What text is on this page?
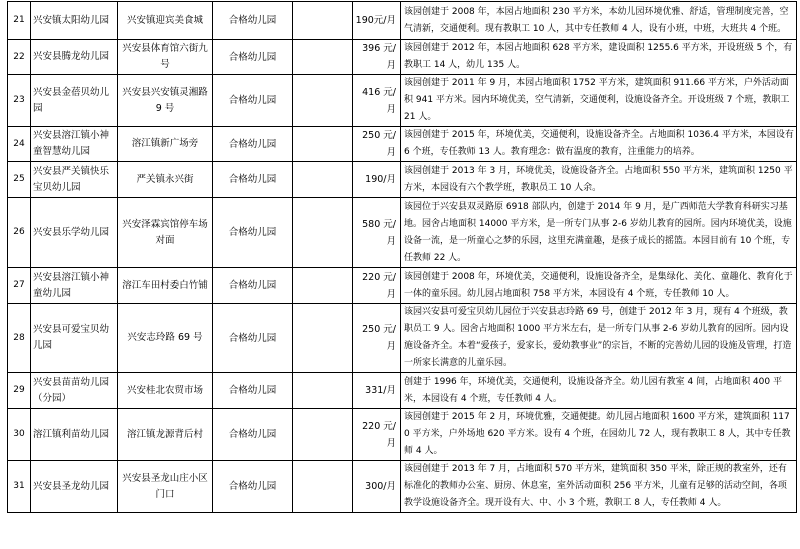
21	兴安镇太阳幼儿园	兴安镇迎宾美食城	合格幼儿园		190元/月	该园创建于 2008 年，本园占地面积 230 平方米，本幼儿园环境优雅、舒适，管理制度完善，空气清新，交通便利。现有教职工 10 人，其中专任教师 4 人，设有小班，中班，大班共 4 个班。
22	兴安县腾龙幼儿园	兴安县体育馆六街九号	合格幼儿园		396 元/月	该园创建于 2012 年，本园占地面积 628 平方米，建设面积 1255.6 平方米，开设班级 5 个，有教职工 14 人，幼儿 135 人。
23	兴安县金蓓贝幼儿园	兴安县兴安镇灵湘路 9 号	合格幼儿园		416 元/月	该园创建于 2011 年 9 月，本园占地面积 1752 平方米，建筑面积 911.66 平方米，户外活动面积 941 平方米。园内环境优美，空气清新，交通便利，设施设备齐全。开设班级 7 个班，教职工 21 人。
24	兴安县溶江镇小神童智慧幼儿园	溶江镇新广场旁	合格幼儿园		250 元/月	该园创建于 2015 年，环境优美，交通便利，设施设备齐全。占地面积 1036.4 平方米，本园设有 6 个班，专任教师 13 人。教育理念：做有温度的教育，注重能力的培养。
25	兴安县严关镇快乐宝贝幼儿园	严关镇永兴街	合格幼儿园		190/月	该园创建于 2013 年 3 月，环境优美，设施设备齐全。占地面积 550 平方米，建筑面积 1250 平方米，本园设有六个教学班，教职员工 10 人余。
26	兴安县乐学幼儿园	兴安泽霖宾馆停车场对面	合格幼儿园		580 元/月	该园位于兴安县双灵路原 6918 部队内，创建于 2014 年 9 月，是广西师范大学教育科研实习基地。园舍占地面积 14000 平方米，是一所专门从事 2-6 岁幼儿教育的园所。园内环境优美，设施设备一流，是一所童心之梦的乐园，这里充满童趣，是孩子成长的摇篮。本园目前有 10 个班，专任教师 22 人。
27	兴安县溶江镇小神童幼儿园	溶江车田村委白竹铺	合格幼儿园		220 元/月	该园创建于 2008 年，环境优美，交通便利，设施设备齐全，是集绿化、美化、童趣化、教育化于一体的童乐园。幼儿园占地面积 758 平方米，本园设有 4 个班，专任教师 10 人。
28	兴安县可爱宝贝幼儿园	兴安志玲路 69 号	合格幼儿园		250 元/月	该园兴安县可爱宝贝幼儿园位于兴安县志玲路 69 号，创建于 2012 年 3 月，现有 4 个班级，教职员工 9 人。园舍占地面积 1000 平方米左右，是一所专门从事 2-6 岁幼儿教育的园所。园内设施设备齐全。本着“爱孩子，爱家长，爱幼教事业”的宗旨，不断的完善幼儿园的设施及管理，打造一所家长满意的儿童乐园。
29	兴安县苗苗幼儿园（分园）	兴安桂北农贸市场	合格幼儿园		331/月	创建于 1996 年，环境优美，交通便利，设施设备齐全。幼儿园有教室 4 间，占地面积 400 平米，本园设有 4 个班，专任教师 4 人。
30	溶江镇利苗幼儿园	溶江镇龙源背后村	合格幼儿园		220 元/月	该园创建于 2015 年 2 月，环境优雅，交通便捷。幼儿园占地面积 1600 平方米，建筑面积 1170 平方米，户外场地 620 平方米。设有 4 个班，在园幼儿 72 人，现有教职工 8 人，其中专任教师 4 人。
31	兴安县圣龙幼儿园	兴安县圣龙山庄小区门口	合格幼儿园		300/月	该园创建于 2013 年 7 月，占地面积 570 平方米，建筑面积 350 平米，除正规的教室外，还有标准化的教师办公室、厨房、休息室，室外活动面积 256 平方米，儿童有足够的活动空间，各项教学设施设备齐全。现开设有大、中、小 3 个班，教职工 8 人，专任教师 4 人。
